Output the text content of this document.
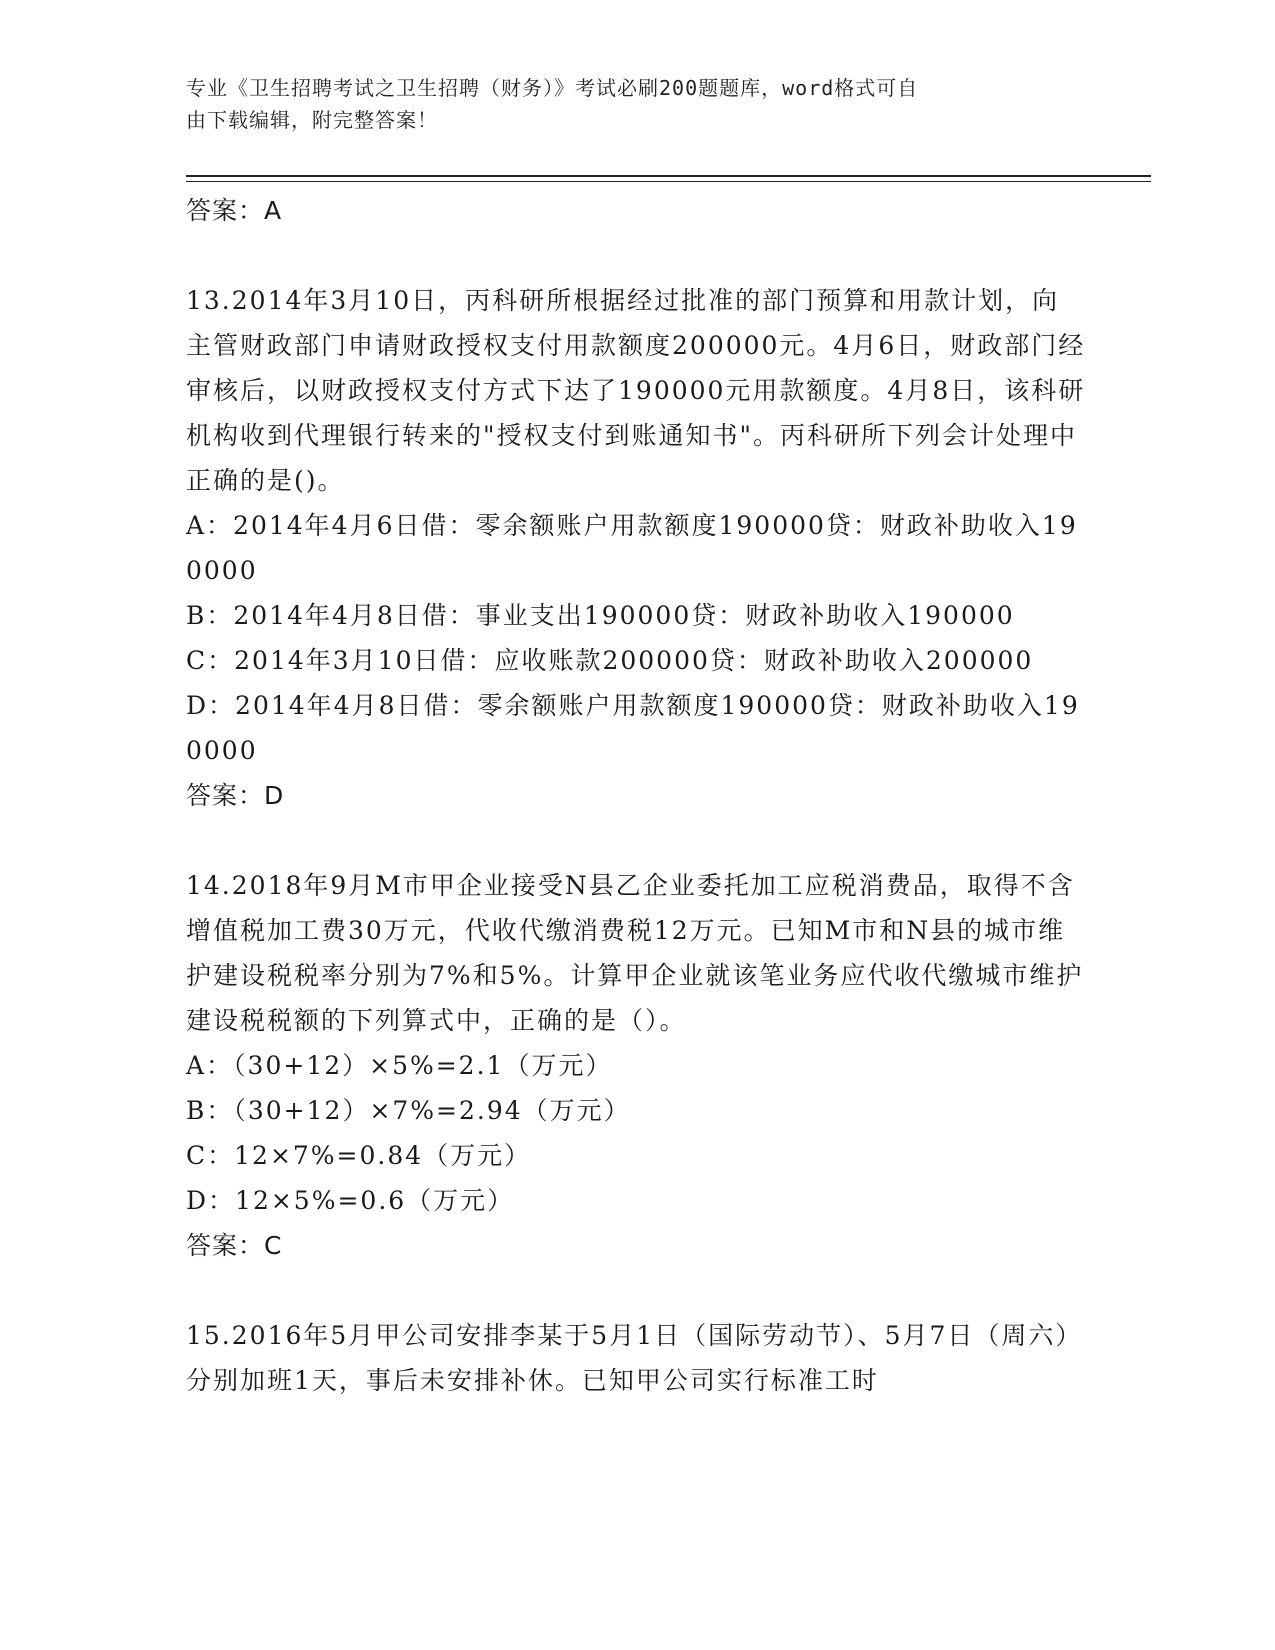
专业《卫生招聘考试之卫生招聘（财务）》考试必刷200题题库，word格式可自
由下载编辑，附完整答案！
答案：A
13.2014年3月10日，丙科研所根据经过批准的部门预算和用款计划，向主管财政部门申请财政授权支付用款额度200000元。4月6日，财政部门经审核后，以财政授权支付方式下达了190000元用款额度。4月8日，该科研机构收到代理银行转来的"授权支付到账通知书"。丙科研所下列会计处理中正确的是()。
A：2014年4月6日借：零余额账户用款额度190000贷：财政补助收入190000
B：2014年4月8日借：事业支出190000贷：财政补助收入190000
C：2014年3月10日借：应收账款200000贷：财政补助收入200000
D：2014年4月8日借：零余额账户用款额度190000贷：财政补助收入190000
答案：D
14.2018年9月M市甲企业接受N县乙企业委托加工应税消费品，取得不含增值税加工费30万元，代收代缴消费税12万元。已知M市和N县的城市维护建设税税率分别为7%和5%。计算甲企业就该笔业务应代收代缴城市维护建设税税额的下列算式中，正确的是（）。
A：（30+12）×5%=2.1（万元）
B：（30+12）×7%=2.94（万元）
C：12×7%=0.84（万元）
D：12×5%=0.6（万元）
答案：C
15.2016年5月甲公司安排李某于5月1日（国际劳动节）、5月7日（周六）分别加班1天，事后未安排补休。已知甲公司实行标准工时
